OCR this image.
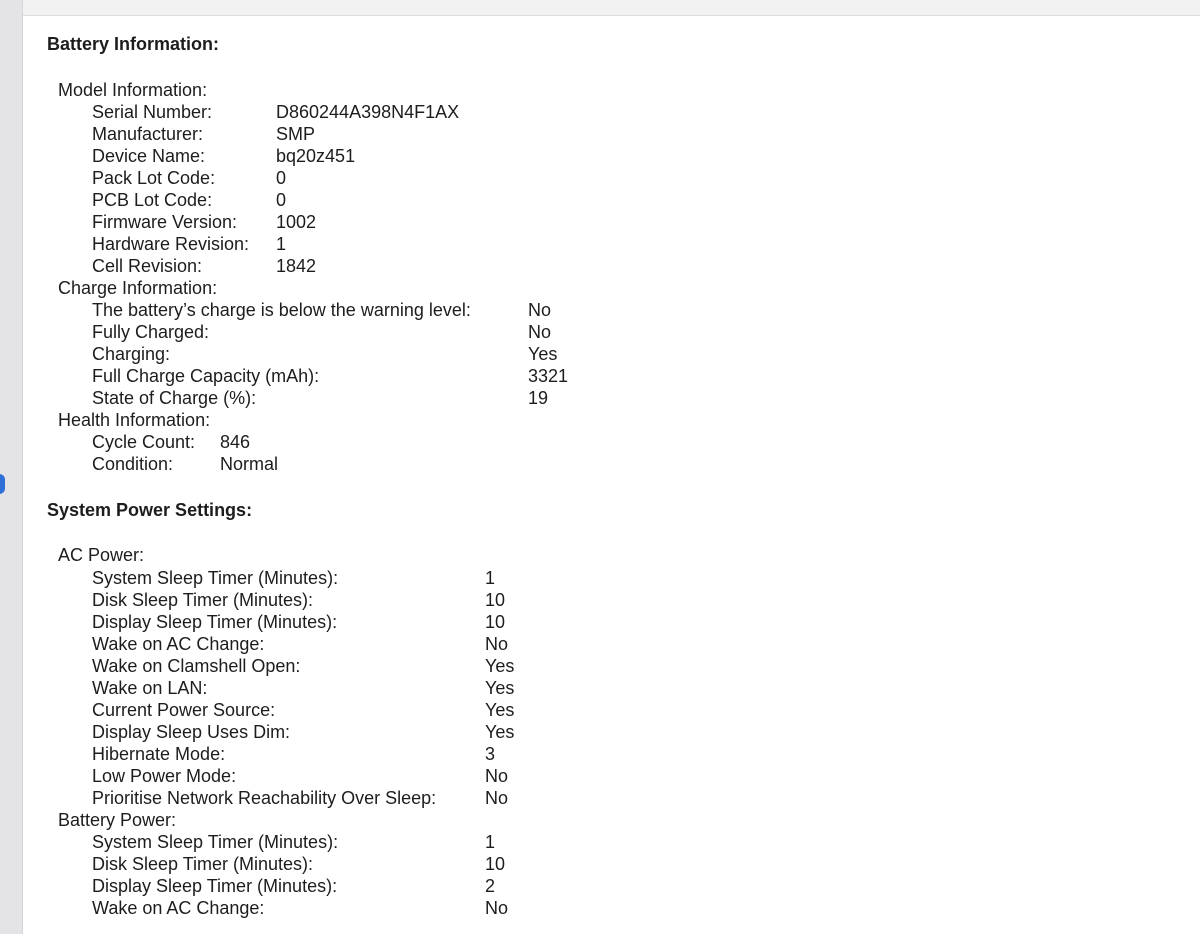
Battery Information:
Model Information:
Serial Number:	D860244A398N4F1AX
Manufacturer:	SMP
Device Name:	bq20z451
Pack Lot Code:	0
PCB Lot Code:	0
Firmware Version: 1002
Hardware Revision: 1
Cell Revision:	1842
Charge Information:
The battery’s charge is below the warning level:	No
Fully Charged:	No
Charging:	Yes
Full Charge Capacity (mAh):	3321
State of Charge (%):	19
Health Information:
Cycle Count: 846
Condition:	Normal
System Power Settings:
AC Power:
System Sleep Timer (Minutes):	1
Disk Sleep Timer (Minutes):	10
Display Sleep Timer (Minutes):	10
Wake on AC Change:	No
Wake on Clamshell Open:	Yes
Wake on LAN:	Yes
Current Power Source:	Yes
Display Sleep Uses Dim:	Yes
Hibernate Mode:	3
Low Power Mode:	No
Prioritise Network Reachability Over Sleep:	No
Battery Power:
System Sleep Timer (Minutes):	1
Disk Sleep Timer (Minutes):	10
Display Sleep Timer (Minutes):	2
Wake on AC Change:	No
